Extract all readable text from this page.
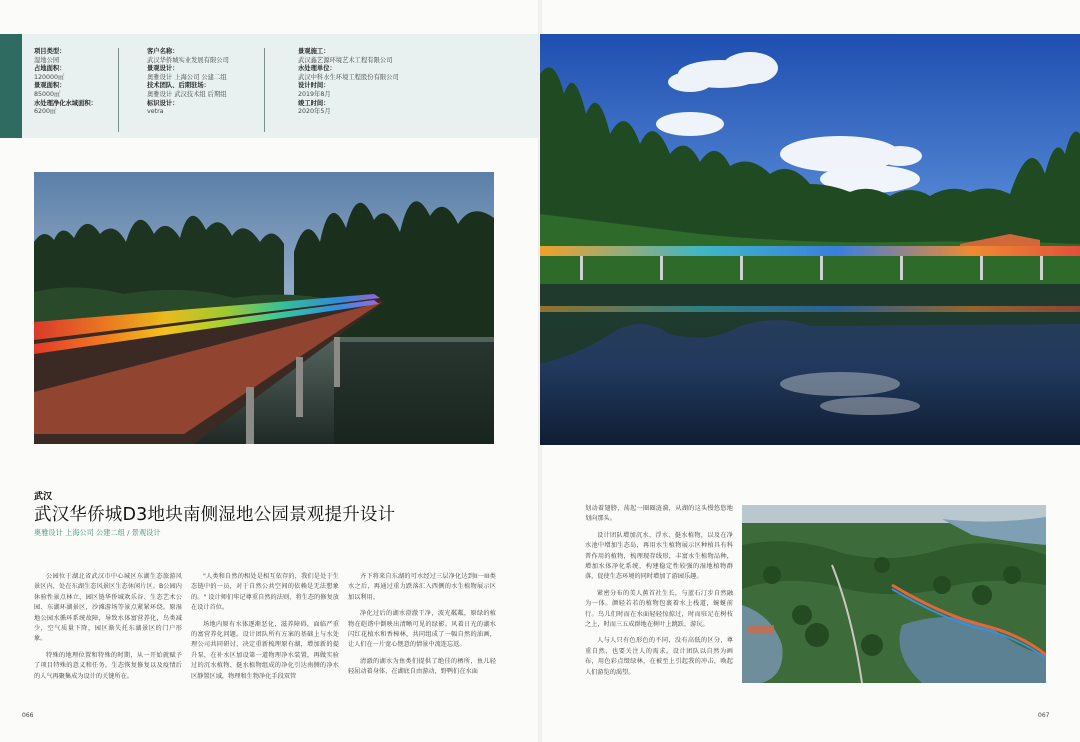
项目类型：
湿地公园
占地面积：
120000㎡
景观面积：
85000㎡
水处理净化水域面积：
6200㎡
客户名称：
武汉华侨城实业发展有限公司
景观设计：
奥雅设计 上海公司 公建二组
技术团队、后期驻场：
奥雅设计 武汉技术组 后期组
标识设计：
vetra
景观施工：
武汉鑫艺源环境艺术工程有限公司
水处理单位：
武汉中科水生环境工程股份有限公司
设计时间：
2019年8月
竣工时间：
2020年5月
武汉
武汉华侨城D3地块南侧湿地公园景观提升设计
奥雅设计 上海公司 公建二组 / 景观设计

公园位于湖北省武汉市中心城区东湖生态旅游风景区内，处在东湖生态风景区生态休闲片区。B公园内休验性景点林立，园区链华侨城欢乐谷、生态艺术公园、东湖环湖景区，沙滩游场等景点紧紧环绕。原湿地公园水循环系统故障，导致水体富营养化，鸟类减少，空气质量下降，园区渐失托东湖景区的门户形象。

特殊的地理位置和特殊的时期，从一开始就赋予了项目特殊的意义和任务。生态恢复修复以及疫情后的人气再聚集成为设计的关键所在。

"人类和自然的相处是相互依存的，我们是处于生态链中的一员，对于自然公共空间的依赖是无法想象的。" 设计师们牢记尊重自然的法则，将生态的修复放在设计首位。

场地内原有水体逐渐恶化，滋养障碍，面临严重的富营养化问题。设计团队所有方案的基础上与水处理公司共同研讨，决定重新梳理原有湖，增加新的提升泵，在补水区加设第一道物理净水装置，再做实验过的沉水植物、挺水植物组成的净化引达南侧的净水区静置区域，物理和生物净化手段双管

齐下将来自东湖的可水经过三层净化达到II一III类水之后，再通过重力跌落汇入西侧的水生植物展示区加以利用。

净化过后的湖水澄澈干净，波光粼粼，原绿的植物在皑谐中倒映出清晰可见的绿影。风着日光的湖水闪红花植水和香樟林，共同组成了一幅自然的油画，让人们在一片宽心惬意的情景中流连忘返。

清澈的湖水为鱼类们提供了绝佳的栖所，鱼儿轻轻屈动着身体，在湖底自由游动，野鸭们在水面

划动着翅膀，荡起一圈圈涟漪，从湖的这头慢悠悠地划向那头。

设计团队增加沉水、浮水、挺水植物，以及在净水池中增加生态岛，再用水生植物展示区种植具有科普作用的植物，梳理现存线形，丰富水生植物品种，增加水体净化系统，构建稳定性较强的湿地植物群落，促使生态环境的同时增加了游园乐趣。

紧密分布的美人蕉首社生长，与蓝石汀步自然融为一体。颜轻若若的植物包裹着水上栈道，蜿蜒前行。鸟儿们时而在水面轻轻惊掠过，时而驻足在树枝之上，时而三五成群地在树叶上跳跃，游玩。

人与人只有色形色的不同，没有高低的区分，尊重自然，也要关注人的需求。设计团队以自然为画布，用色彩点缀绿林，在被至上引起我的冲击，唤起人们游览的渴望。

066	067
